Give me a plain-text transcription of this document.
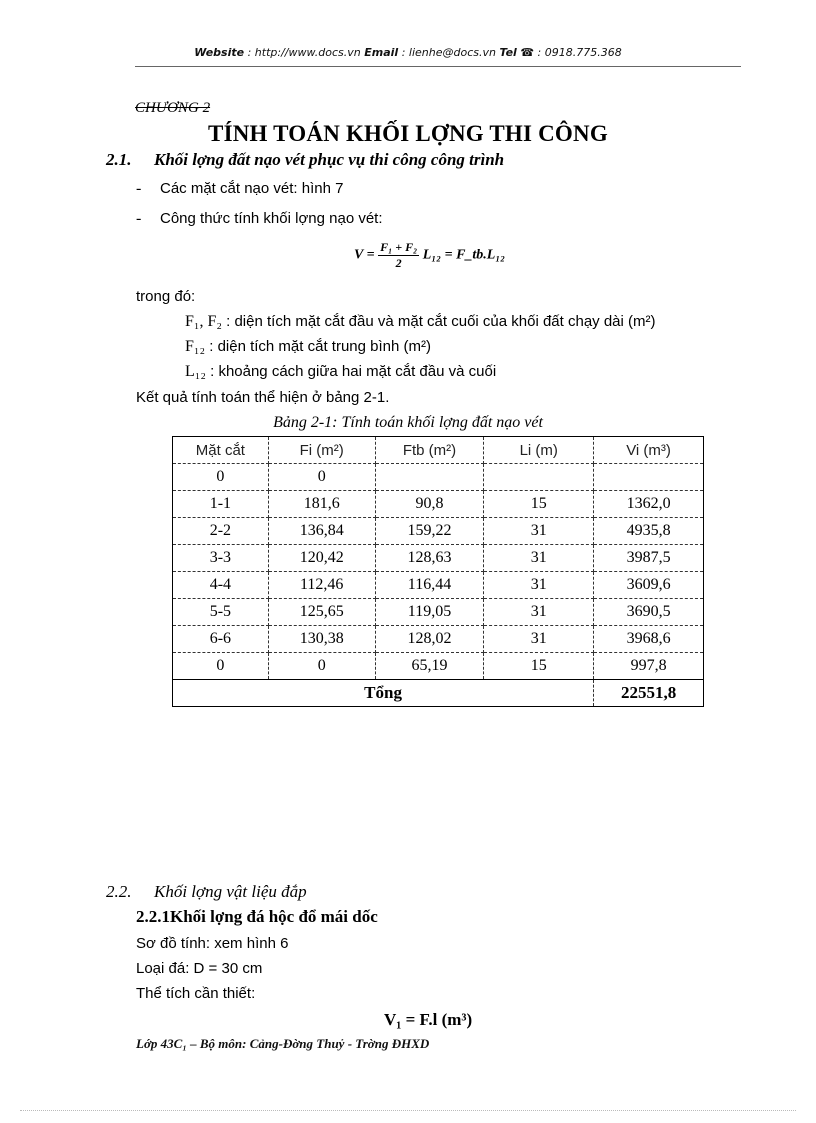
Website : http://www.docs.vn Email : lienhe@docs.vn Tel ☎ : 0918.775.368
CHƯƠNG 2
TÍNH TOÁN KHỐI LỢNG THI CÔNG
2.1. Khối lợng đất nạo vét phục vụ thi công công trình
- Các mặt cắt nạo vét: hình 7
- Công thức tính khối lợng nạo vét:
$V = \frac{\text{F₁ + F₂}}{2} L_{12}$ = F_tb.L₁₂
trong đó:
F₁, F₂ : diện tích mặt cắt đầu và mặt cắt cuối của khối đất chạy dài (m²)
F₁₂ : diện tích mặt cắt trung bình (m²)
L₁₂ : khoảng cách giữa hai mặt cắt đầu và cuối
Kết quả tính toán thể hiện ở bảng 2-1.
Bảng 2-1: Tính toán khối lợng đất nạo vét
Mặt cắt	Fi (m²)	Ftb (m²)	Li (m)	Vi (m³)
0	0			
1-1	181,6	90,8	15	1362,0
2-2	136,84	159,22	31	4935,8
3-3	120,42	128,63	31	3987,5
4-4	112,46	116,44	31	3609,6
5-5	125,65	119,05	31	3690,5
6-6	130,38	128,02	31	3968,6
0	0	65,19	15	997,8
Tổng				22551,8
2.2. Khối lợng vật liệu đắp
2.2.1Khối lợng đá hộc đổ mái dốc
Sơ đồ tính: xem hình 6
Loại đá: D = 30 cm
Thể tích cần thiết:
V₁ = F.l (m³)
Lớp 43C₁ – Bộ môn: Cảng-Đờng Thuỷ - Trờng ĐHXD
